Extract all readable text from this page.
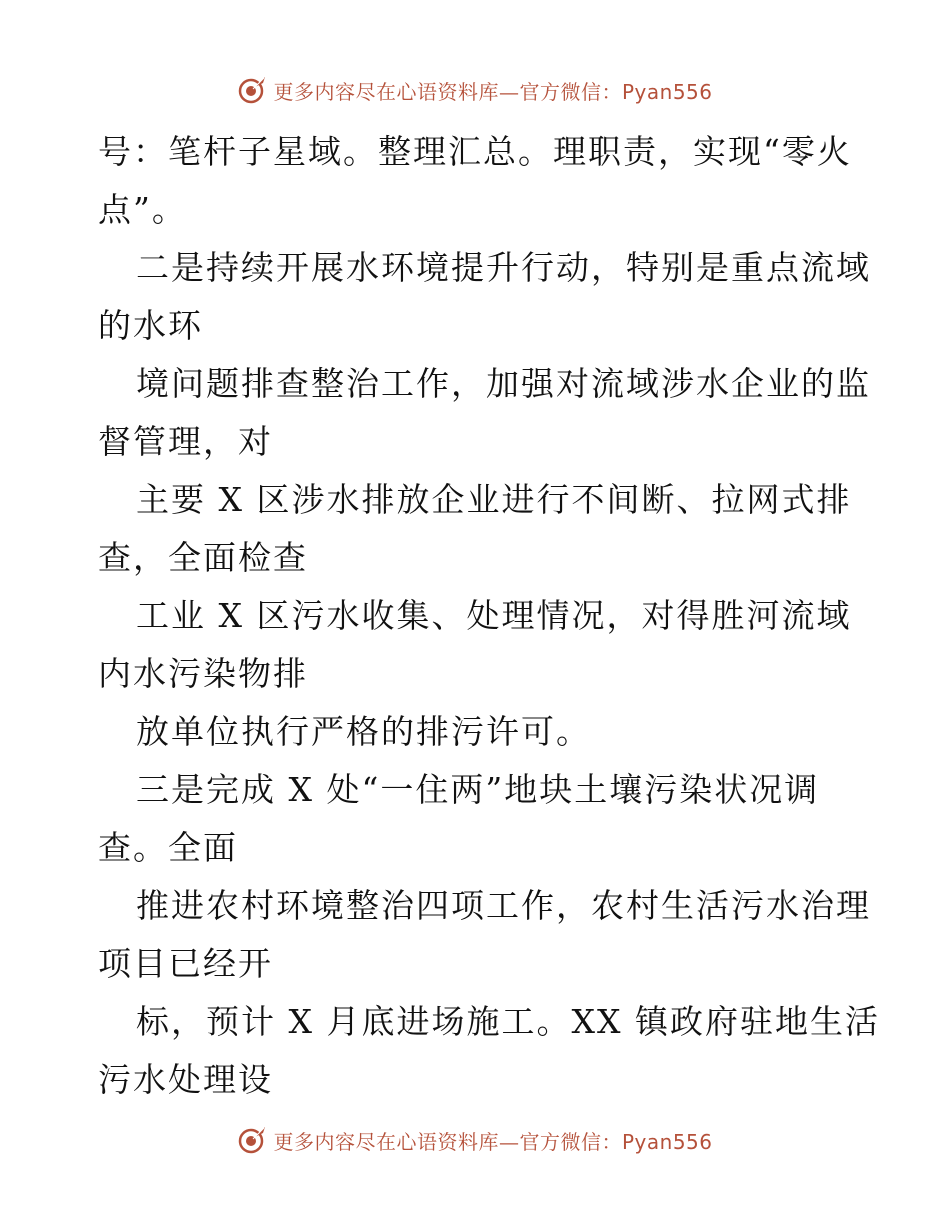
更多内容尽在心语资料库—官方微信：Pyan556
号：笔杆子星域。整理汇总。理职责，实现“零火
点”。
二是持续开展水环境提升行动，特别是重点流域
的水环
境问题排查整治工作，加强对流域涉水企业的监
督管理，对
主要 X 区涉水排放企业进行不间断、拉网式排
查，全面检查
工业 X 区污水收集、处理情况，对得胜河流域
内水污染物排
放单位执行严格的排污许可。
三是完成 X 处“一住两”地块土壤污染状况调
查。全面
推进农村环境整治四项工作，农村生活污水治理
项目已经开
标，预计 X 月底进场施工。XX 镇政府驻地生活
污水处理设
更多内容尽在心语资料库—官方微信：Pyan556
